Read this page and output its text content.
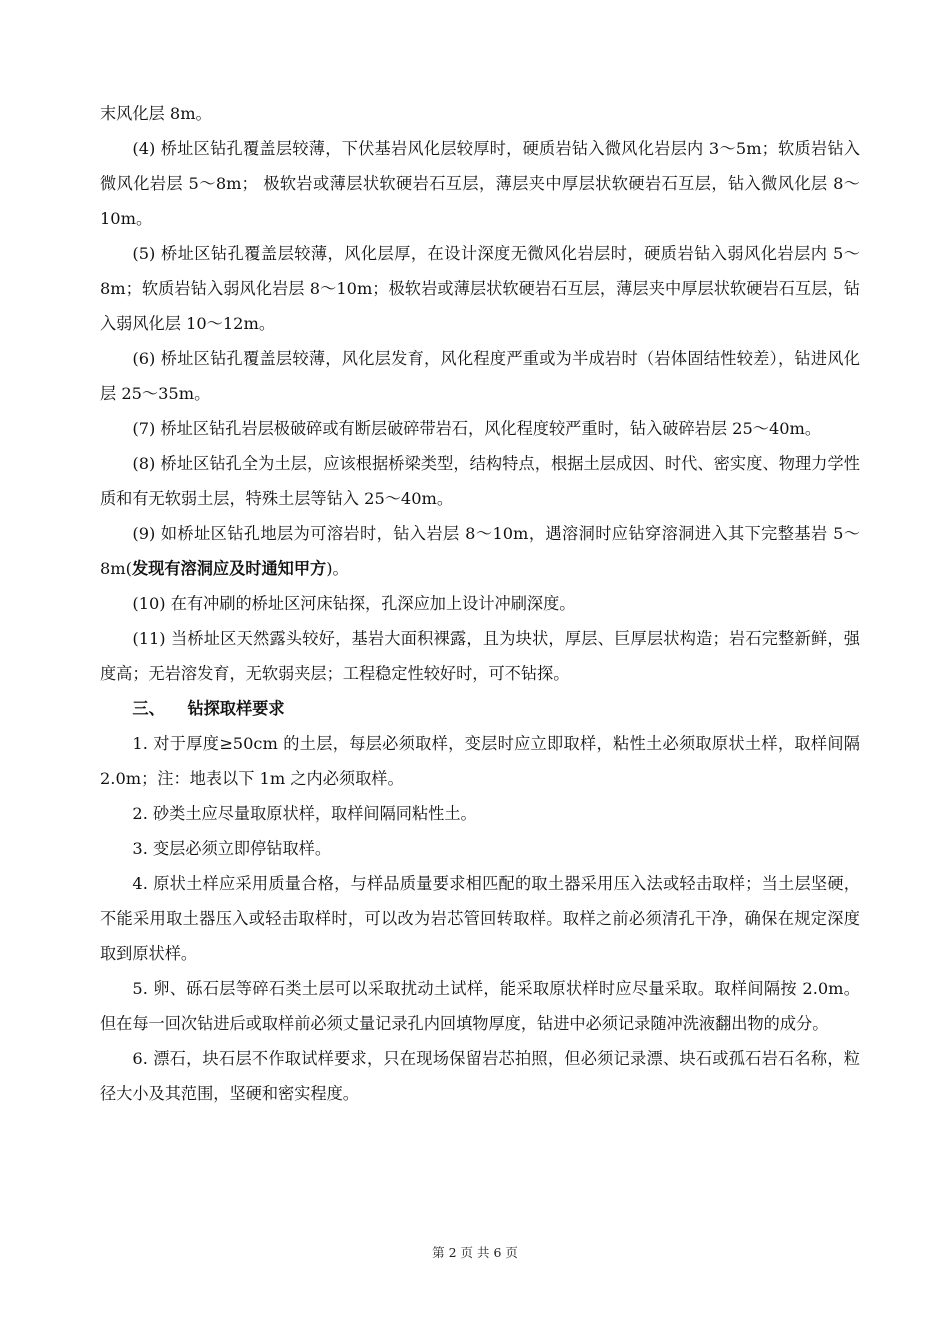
末风化层 8m。

(4) 桥址区钻孔覆盖层较薄，下伏基岩风化层较厚时，硬质岩钻入微风化岩层内 3～5m；软质岩钻入微风化岩层 5～8m； 极软岩或薄层状软硬岩石互层，薄层夹中厚层状软硬岩石互层，钻入微风化层 8～10m。

(5) 桥址区钻孔覆盖层较薄，风化层厚，在设计深度无微风化岩层时，硬质岩钻入弱风化岩层内 5～8m；软质岩钻入弱风化岩层 8～10m；极软岩或薄层状软硬岩石互层，薄层夹中厚层状软硬岩石互层，钻入弱风化层 10～12m。

(6) 桥址区钻孔覆盖层较薄，风化层发育，风化程度严重或为半成岩时（岩体固结性较差），钻进风化层 25～35m。

(7) 桥址区钻孔岩层极破碎或有断层破碎带岩石，风化程度较严重时，钻入破碎岩层 25～40m。

(8) 桥址区钻孔全为土层，应该根据桥梁类型，结构特点，根据土层成因、时代、密实度、物理力学性质和有无软弱土层，特殊土层等钻入 25～40m。

(9) 如桥址区钻孔地层为可溶岩时，钻入岩层 8～10m，遇溶洞时应钻穿溶洞进入其下完整基岩 5～8m(发现有溶洞应及时通知甲方)。

(10) 在有冲刷的桥址区河床钻探，孔深应加上设计冲刷深度。

(11) 当桥址区天然露头较好，基岩大面积裸露，且为块状，厚层、巨厚层状构造；岩石完整新鲜，强度高；无岩溶发育，无软弱夹层；工程稳定性较好时，可不钻探。

三、 钻探取样要求

1. 对于厚度≥50cm 的土层，每层必须取样，变层时应立即取样，粘性土必须取原状土样，取样间隔 2.0m；注：地表以下 1m 之内必须取样。

2. 砂类土应尽量取原状样，取样间隔同粘性土。

3. 变层必须立即停钻取样。

4. 原状土样应采用质量合格，与样品质量要求相匹配的取土器采用压入法或轻击取样；当土层坚硬，不能采用取土器压入或轻击取样时，可以改为岩芯管回转取样。取样之前必须清孔干净，确保在规定深度取到原状样。

5. 卵、砾石层等碎石类土层可以采取扰动土试样，能采取原状样时应尽量采取。取样间隔按 2.0m。但在每一回次钻进后或取样前必须丈量记录孔内回填物厚度，钻进中必须记录随冲洗液翻出物的成分。

6. 漂石，块石层不作取试样要求，只在现场保留岩芯拍照，但必须记录漂、块石或孤石岩石名称，粒径大小及其范围，坚硬和密实程度。

第 2 页 共 6 页
